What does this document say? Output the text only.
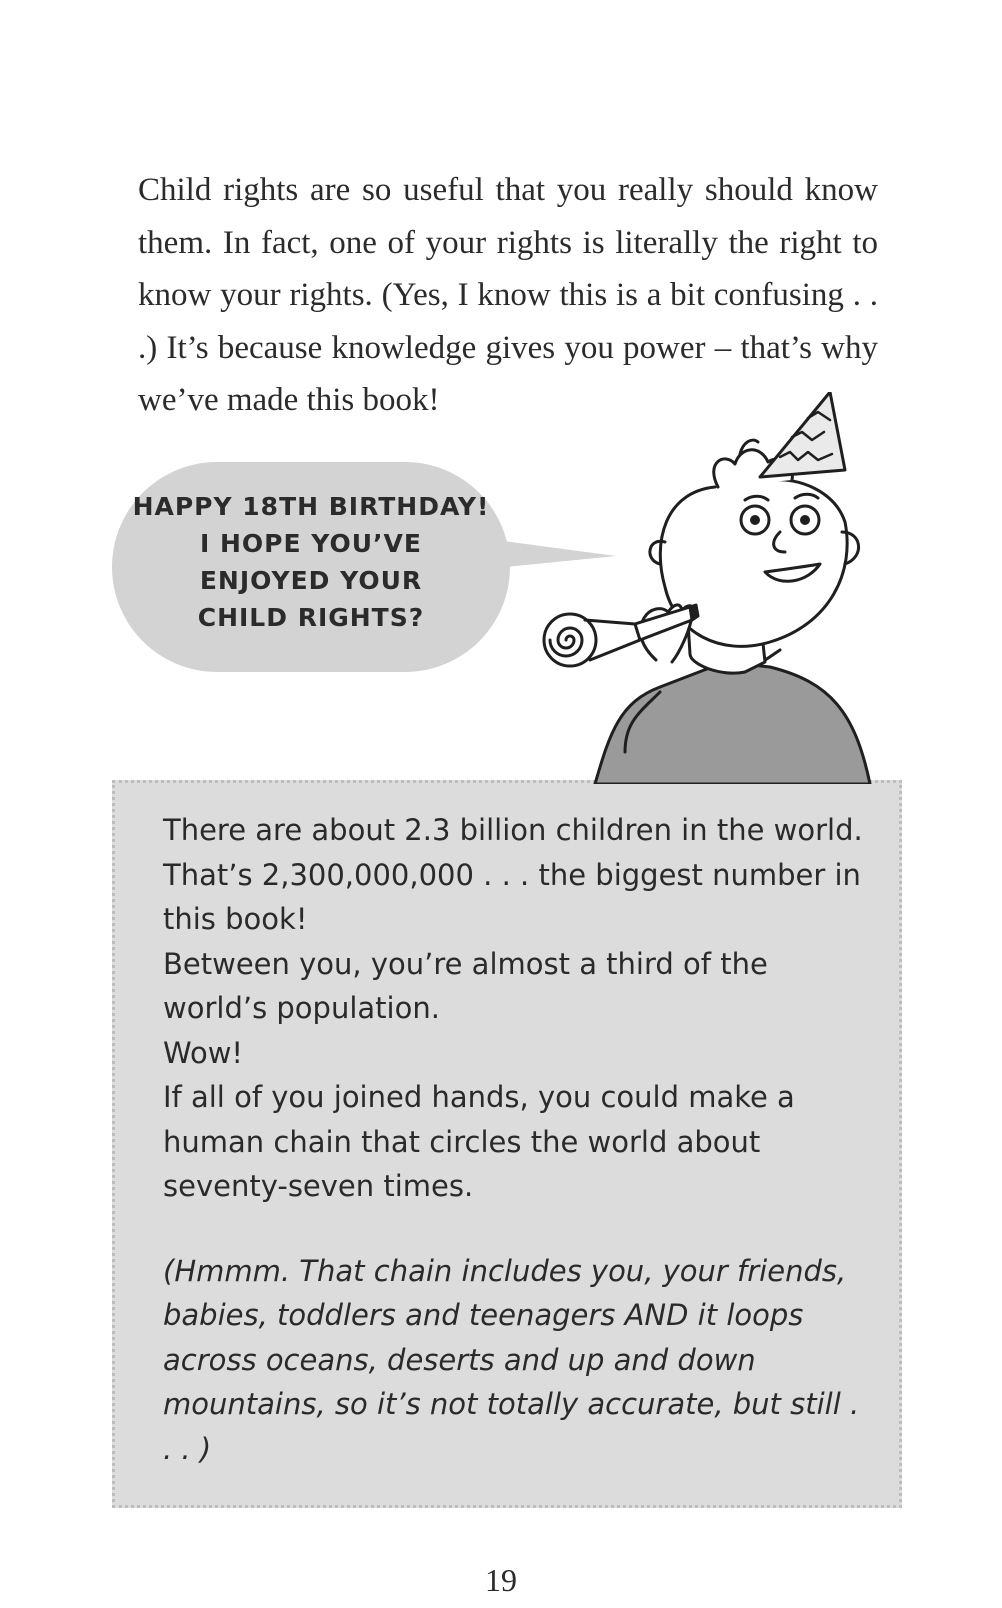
Child rights are so useful that you really should know them. In fact, one of your rights is literally the right to know your rights. (Yes, I know this is a bit confusing . . .) It’s because knowledge gives you power – that’s why we’ve made this book!

HAPPY 18TH BIRTHDAY!
I HOPE YOU’VE
ENJOYED YOUR
CHILD RIGHTS?

There are about 2.3 billion children in the world. That’s 2,300,000,000 . . . the biggest number in this book!

Between you, you’re almost a third of the world’s population.

Wow!

If all of you joined hands, you could make a human chain that circles the world about seventy-seven times.

(Hmmm. That chain includes you, your friends, babies, toddlers and teenagers AND it loops across oceans, deserts and up and down mountains, so it’s not totally accurate, but still . . . )

19
